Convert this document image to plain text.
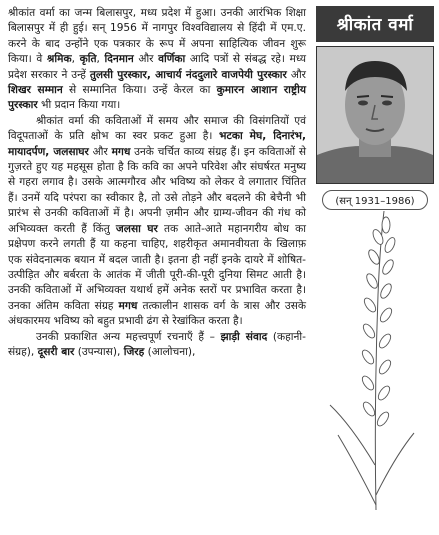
श्रीकांत वर्मा का जन्म बिलासपुर, मध्य प्रदेश में हुआ। उनकी आरंभिक शिक्षा बिलासपुर में ही हुई। सन् 1956 में नागपुर विश्वविद्यालय से हिंदी में एम.ए. करने के बाद उन्होंने एक पत्रकार के रूप में अपना साहित्यिक जीवन शुरू किया। वे श्रमिक, कृति, दिनमान और वर्णिका आदि पत्रों से संबद्ध रहे। मध्य प्रदेश सरकार ने उन्हें तुलसी पुरस्कार, आचार्य नंददुलारे वाजपेयी पुरस्कार और शिखर सम्मान से सम्मानित किया। उन्हें केरल का कुमारन आशान राष्ट्रीय पुरस्कार भी प्रदान किया गया।

श्रीकांत वर्मा की कविताओं में समय और समाज की विसंगतियों एवं विदूपताओं के प्रति क्षोभ का स्वर प्रकट हुआ है। भटका मेघ, दिनारंभ, मायादर्पण, जलसाघर और मगध उनके चर्चित काव्य संग्रह हैं। इन कविताओं से गुज़रते हुए यह महसूस होता है कि कवि का अपने परिवेश और संघर्षरत मनुष्य से गहरा लगाव है। उसके आत्मगौरव और भविष्य को लेकर वे लगातार चिंतित हैं। उनमें यदि परंपरा का स्वीकार है, तो उसे तोड़ने और बदलने की बेचैनी भी प्रारंभ से उनकी कविताओं में है। अपनी ज़मीन और ग्राम्य-जीवन की गंध को अभिव्यक्त करती हैं किंतु जलसा घर तक आते-आते महानगरीय बोध का प्रक्षेपण करने लगती हैं या कहना चाहिए, शहरीकृत अमानवीयता के खिलाफ़ एक संवेदनात्मक बयान में बदल जाती है। इतना ही नहीं इनके दायरे में शोषित-उत्पीड़ित और बर्बरता के आतंक में जीती पूरी-की-पूरी दुनिया सिमट आती है। उनकी कविताओं में अभिव्यक्त यथार्थ हमें अनेक स्तरों पर प्रभावित करता है। उनका अंतिम कविता संग्रह मगध तत्कालीन शासक वर्ग के त्रास और उसके अंधकारमय भविष्य को बहुत प्रभावी ढंग से रेखांकित करता है।

उनकी प्रकाशित अन्य महत्त्वपूर्ण रचनाएँ हैं – झाड़ी संवाद (कहानी-संग्रह), दूसरी बार (उपन्यास), जिरह (आलोचना),

श्रीकांत वर्मा
(सन् 1931–1986)
